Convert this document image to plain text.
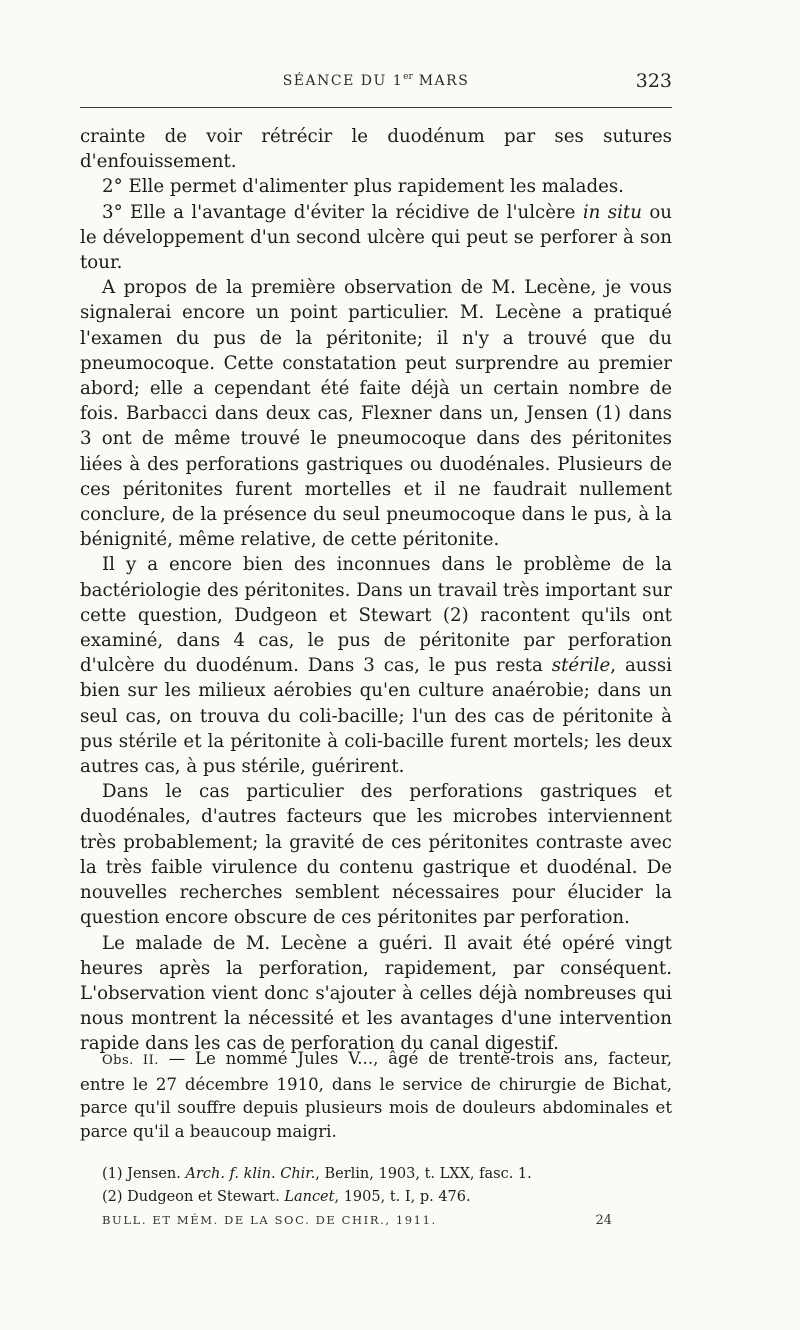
SÉANCE DU 1er MARS	323

crainte de voir rétrécir le duodénum par ses sutures d'enfouissement.

2° Elle permet d'alimenter plus rapidement les malades.

3° Elle a l'avantage d'éviter la récidive de l'ulcère in situ ou le développement d'un second ulcère qui peut se perforer à son tour.

A propos de la première observation de M. Lecène, je vous signalerai encore un point particulier. M. Lecène a pratiqué l'examen du pus de la péritonite; il n'y a trouvé que du pneumocoque. Cette constatation peut surprendre au premier abord; elle a cependant été faite déjà un certain nombre de fois. Barbacci dans deux cas, Flexner dans un, Jensen (1) dans 3 ont de même trouvé le pneumocoque dans des péritonites liées à des perforations gastriques ou duodénales. Plusieurs de ces péritonites furent mortelles et il ne faudrait nullement conclure, de la présence du seul pneumocoque dans le pus, à la bénignité, même relative, de cette péritonite.

Il y a encore bien des inconnues dans le problème de la bactériologie des péritonites. Dans un travail très important sur cette question, Dudgeon et Stewart (2) racontent qu'ils ont examiné, dans 4 cas, le pus de péritonite par perforation d'ulcère du duodénum. Dans 3 cas, le pus resta stérile, aussi bien sur les milieux aérobies qu'en culture anaérobie; dans un seul cas, on trouva du coli-bacille; l'un des cas de péritonite à pus stérile et la péritonite à coli-bacille furent mortels; les deux autres cas, à pus stérile, guérirent.

Dans le cas particulier des perforations gastriques et duodénales, d'autres facteurs que les microbes interviennent très probablement; la gravité de ces péritonites contraste avec la très faible virulence du contenu gastrique et duodénal. De nouvelles recherches semblent nécessaires pour élucider la question encore obscure de ces péritonites par perforation.

Le malade de M. Lecène a guéri. Il avait été opéré vingt heures après la perforation, rapidement, par conséquent. L'observation vient donc s'ajouter à celles déjà nombreuses qui nous montrent la nécessité et les avantages d'une intervention rapide dans les cas de perforation du canal digestif.

Obs. II. — Le nommé Jules V..., âgé de trente-trois ans, facteur, entre le 27 décembre 1910, dans le service de chirurgie de Bichat, parce qu'il souffre depuis plusieurs mois de douleurs abdominales et parce qu'il a beaucoup maigri.

(1) Jensen. Arch. f. klin. Chir., Berlin, 1903, t. LXX, fasc. 1.

(2) Dudgeon et Stewart. Lancet, 1905, t. I, p. 476.

BULL. ET MÉM. DE LA SOC. DE CHIR., 1911.	24
